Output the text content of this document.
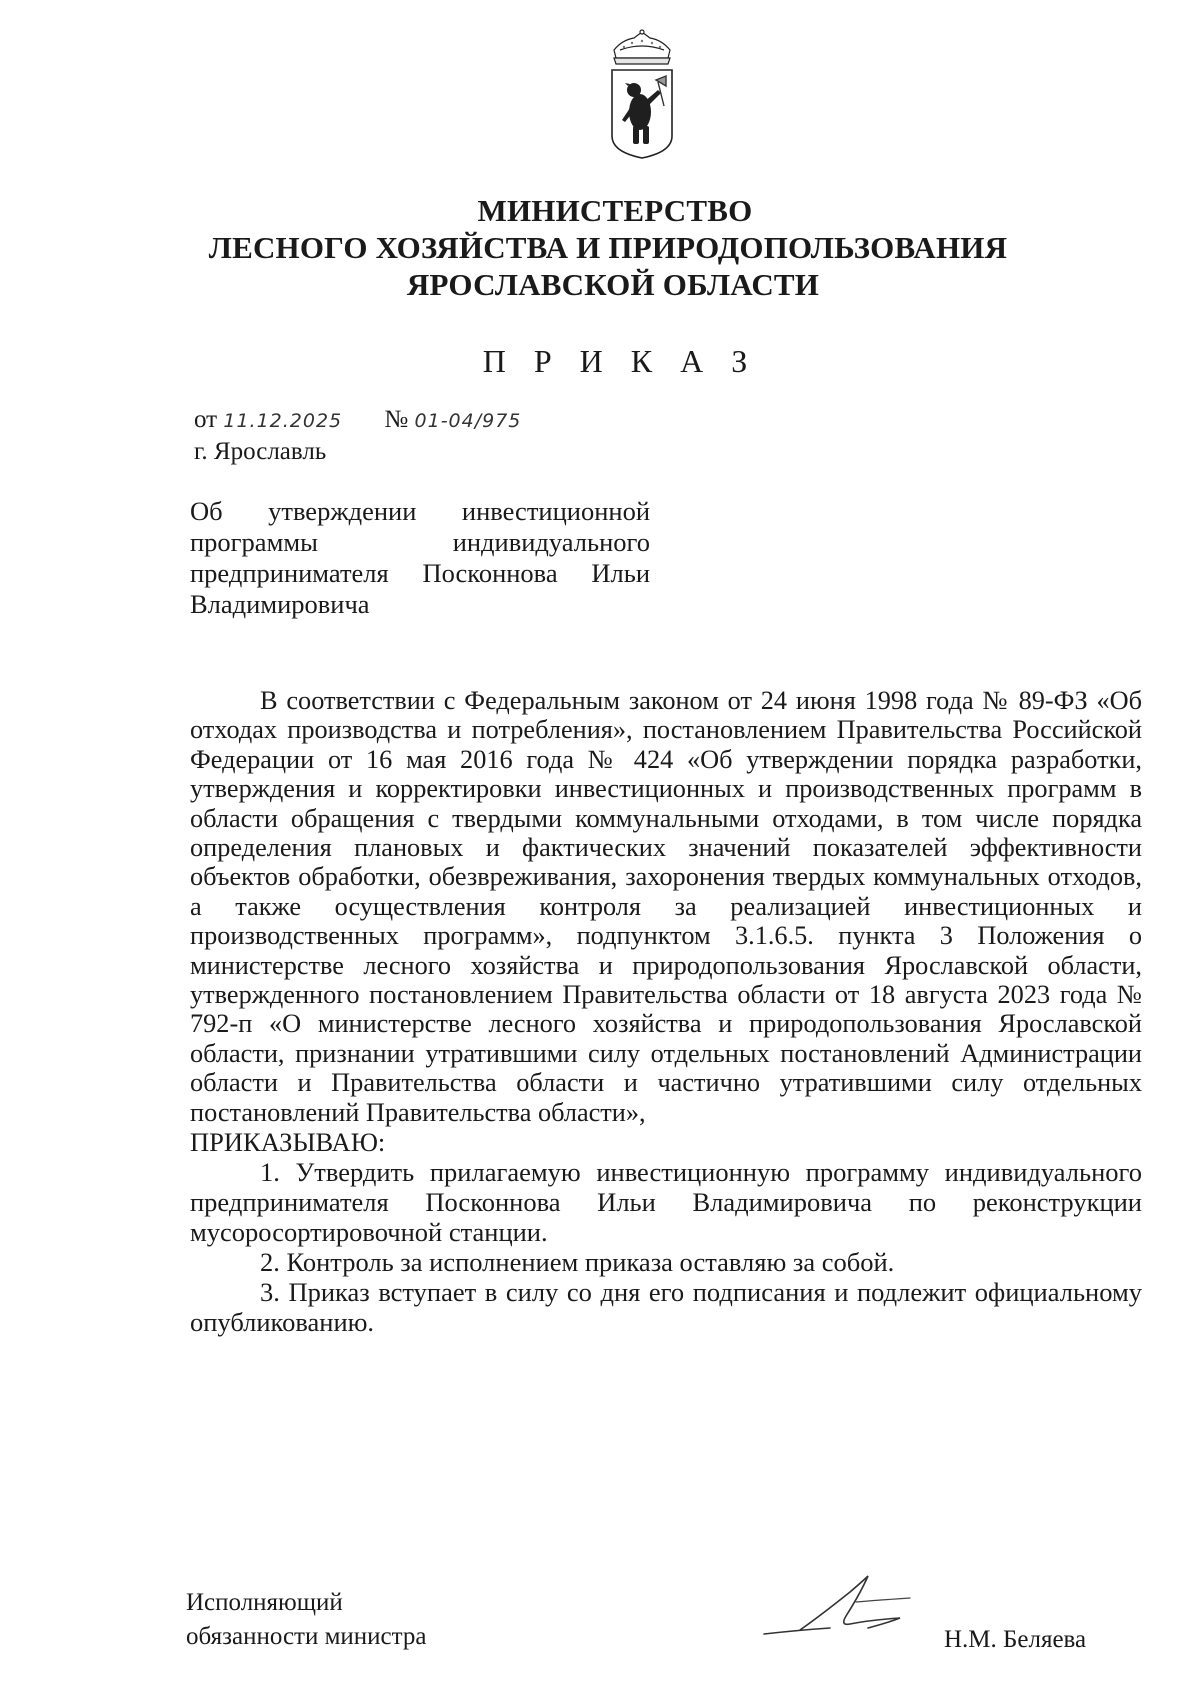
МИНИСТЕРСТВО
ЛЕСНОГО ХОЗЯЙСТВА И ПРИРОДОПОЛЬЗОВАНИЯ
ЯРОСЛАВСКОЙ ОБЛАСТИ
П Р И К А З
от 11.12.2025 № 01-04/975
г. Ярославль
Об утверждении инвестиционной программы индивидуального предпринимателя Посконнова Ильи Владимировича

В соответствии с Федеральным законом от 24 июня 1998 года № 89-ФЗ «Об отходах производства и потребления», постановлением Правительства Российской Федерации от 16 мая 2016 года № 424 «Об утверждении порядка разработки, утверждения и корректировки инвестиционных и производственных программ в области обращения с твердыми коммунальными отходами, в том числе порядка определения плановых и фактических значений показателей эффективности объектов обработки, обезвреживания, захоронения твердых коммунальных отходов, а также осуществления контроля за реализацией инвестиционных и производственных программ», подпунктом 3.1.6.5. пункта 3 Положения о министерстве лесного хозяйства и природопользования Ярославской области, утвержденного постановлением Правительства области от 18 августа 2023 года № 792-п «О министерстве лесного хозяйства и природопользования Ярославской области, признании утратившими силу отдельных постановлений Администрации области и Правительства области и частично утратившими силу отдельных постановлений Правительства области»,

ПРИКАЗЫВАЮ:

1. Утвердить прилагаемую инвестиционную программу индивидуального предпринимателя Посконнова Ильи Владимировича по реконструкции мусоросортировочной станции.

2. Контроль за исполнением приказа оставляю за собой.

3. Приказ вступает в силу со дня его подписания и подлежит официальному опубликованию.

Исполняющий
обязанности министра	Н.М. Беляева
